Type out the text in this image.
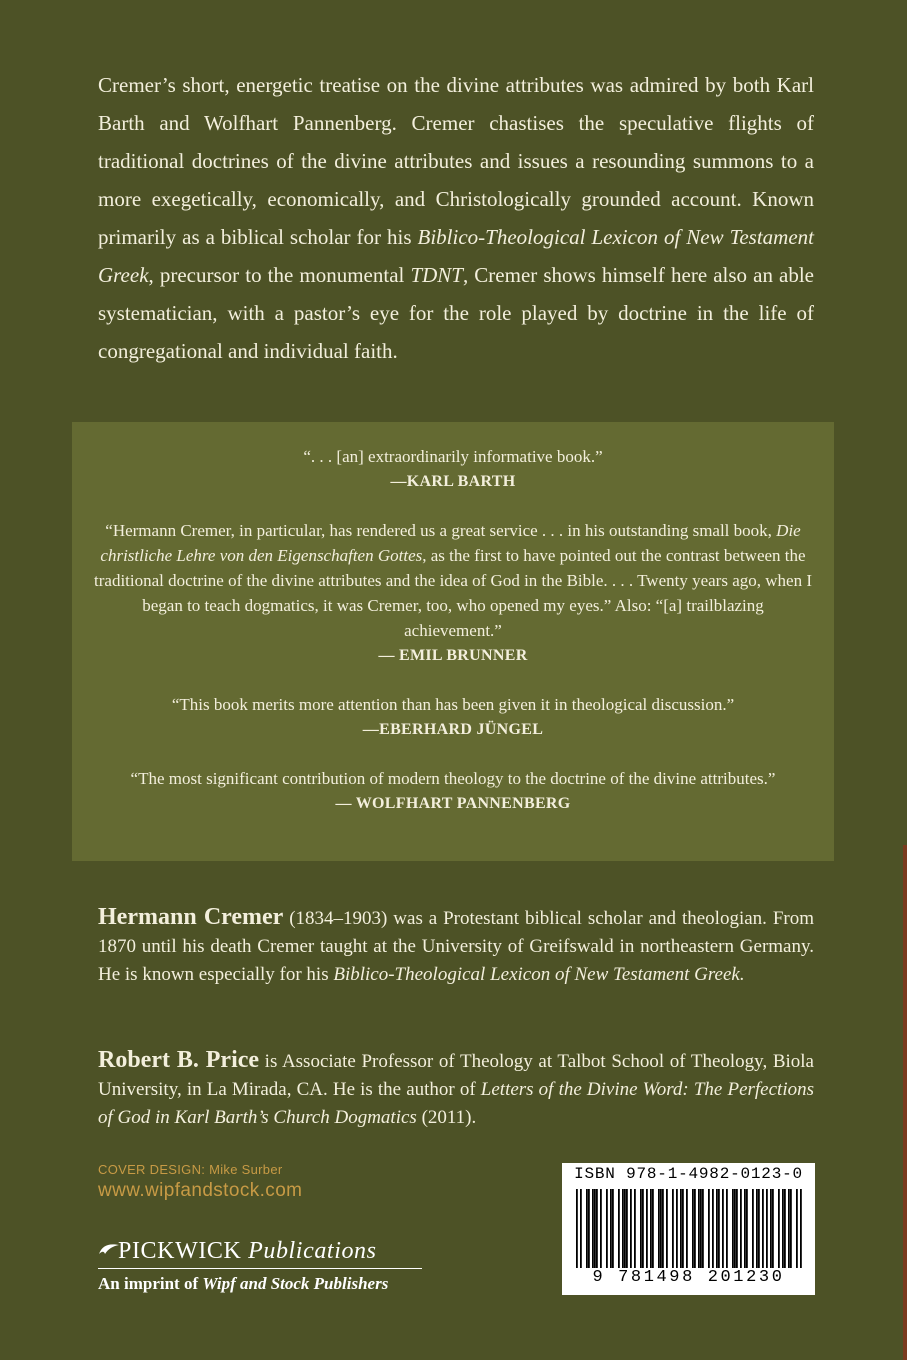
Cremer’s short, energetic treatise on the divine attributes was admired by both Karl Barth and Wolfhart Pannenberg. Cremer chastises the speculative flights of traditional doctrines of the divine attributes and issues a resounding summons to a more exegetically, economically, and Christologically grounded account. Known primarily as a biblical scholar for his Biblico-Theological Lexicon of New Testament Greek, precursor to the monumental TDNT, Cremer shows himself here also an able systematician, with a pastor’s eye for the role played by doctrine in the life of congregational and individual faith.

“. . . [an] extraordinarily informative book.”

—KARL BARTH

“Hermann Cremer, in particular, has rendered us a great service . . . in his outstanding small book, Die christliche Lehre von den Eigenschaften Gottes, as the first to have pointed out the contrast between the traditional doctrine of the divine attributes and the idea of God in the Bible. . . . Twenty years ago, when I began to teach dogmatics, it was Cremer, too, who opened my eyes.” Also: “[a] trailblazing achievement.”

— EMIL BRUNNER

“This book merits more attention than has been given it in theological discussion.”

—EBERHARD JÜNGEL

“The most significant contribution of modern theology to the doctrine of the divine attributes.”

— WOLFHART PANNENBERG

Hermann Cremer (1834–1903) was a Protestant biblical scholar and theologian. From 1870 until his death Cremer taught at the University of Greifswald in northeastern Germany. He is known especially for his Biblico-Theological Lexicon of New Testament Greek.

Robert B. Price is Associate Professor of Theology at Talbot School of Theology, Biola University, in La Mirada, CA. He is the author of Letters of the Divine Word: The Perfections of God in Karl Barth’s Church Dogmatics (2011).

COVER DESIGN: Mike Surber
www.wipfandstock.com
PICKWICK Publications
An imprint of Wipf and Stock Publishers
ISBN 978-1-4982-0123-0
9 781498 201230
